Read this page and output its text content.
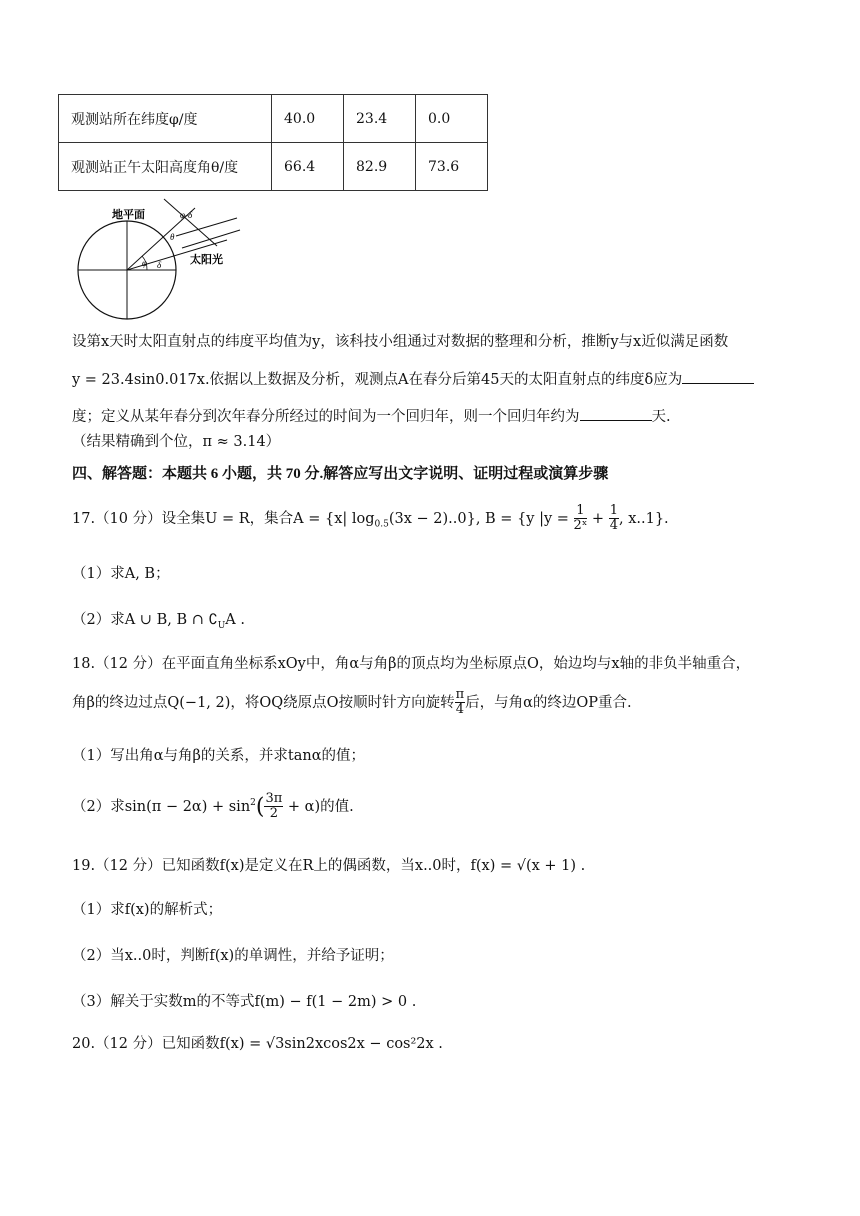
观测站所在纬度φ/度	40.0	23.4	0.0
观测站正午太阳高度角θ/度	66.4	82.9	73.6
地平面
太阳光
φ-δ
θ
φ δ
设第x天时太阳直射点的纬度平均值为y，该科技小组通过对数据的整理和分析，推断y与x近似满足函数
y = 23.4sin0.017x.依据以上数据及分析，观测点A在春分后第45天的太阳直射点的纬度δ应为
度；定义从某年春分到次年春分所经过的时间为一个回归年，则一个回归年约为	天.
（结果精确到个位，π ≈ 3.14）
四、解答题：本题共 6 小题，共 70 分.解答应写出文字说明、证明过程或演算步骤
17.（10 分）设全集U = R，集合A = {x| $\log_{0.5}(3x - 2)..0$}, B = {y $|y = \frac{1}{\text{2ˣ}} + \frac{1}{4}$ , x..1}.
（1）求A, B；
（2）求A ∪ B, B ∩ $∁_UA$ .
18.（12 分）在平面直角坐标系xOy中，角α与角β的顶点均为坐标原点O，始边均与x轴的非负半轴重合，
角β的终边过点Q(−1, 2)，将OQ绕原点O按顺时针方向旋转 $\frac{\pi}{4}$ 后，与角α的终边OP重合.
（1）写出角α与角β的关系，并求tanα的值；
（2）求$\sin(\pi - 2\alpha) + \sin^2( \frac{3\pi}{2} + \alpha)$的值.
19.（12 分）已知函数f(x)是定义在R上的偶函数，当x..0时，f(x) = √(x + 1) .
（1）求f(x)的解析式；
（2）当x..0时，判断f(x)的单调性，并给予证明；
（3）解关于实数m的不等式f(m) − f(1 − 2m) > 0 .
20.（12 分）已知函数f(x) = √3sin2xcos2x − cos²2x .
